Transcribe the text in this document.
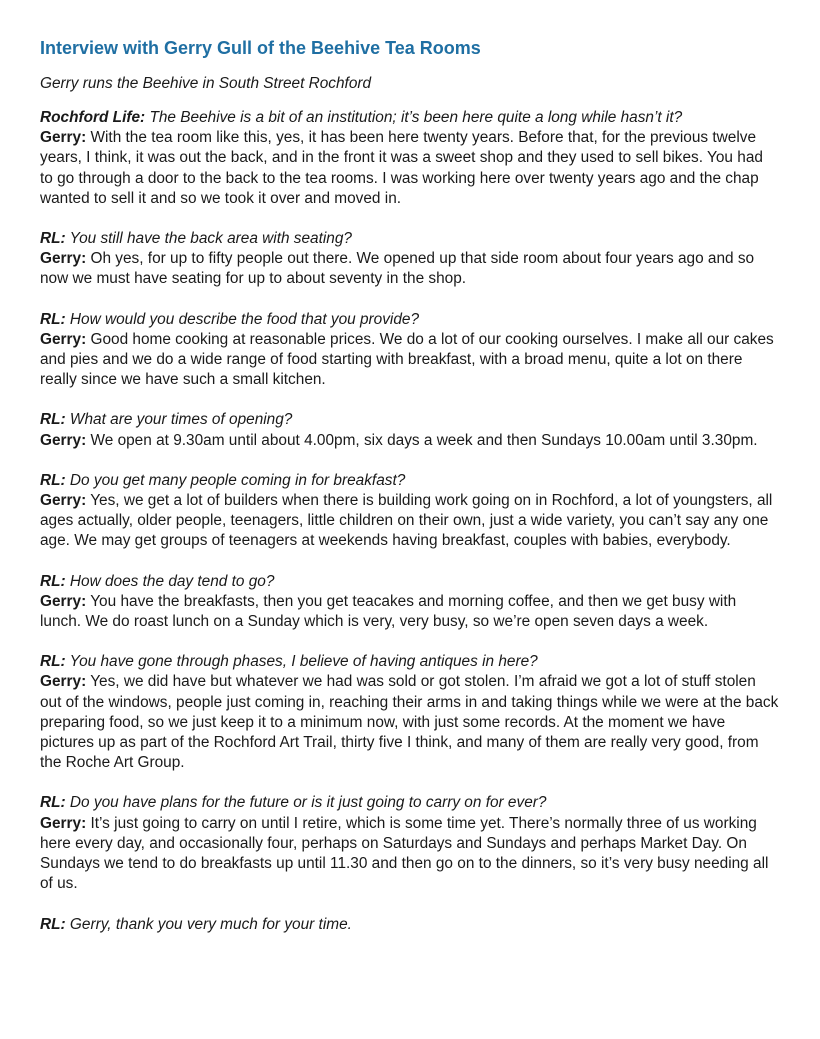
Interview with Gerry Gull of the Beehive Tea Rooms

Gerry runs the Beehive in South Street Rochford

Rochford Life: The Beehive is a bit of an institution; it’s been here quite a long while hasn’t it?

Gerry: With the tea room like this, yes, it has been here twenty years. Before that, for the previous twelve years, I think, it was out the back, and in the front it was a sweet shop and they used to sell bikes. You had to go through a door to the back to the tea rooms. I was working here over twenty years ago and the chap wanted to sell it and so we took it over and moved in.

RL: You still have the back area with seating?

Gerry: Oh yes, for up to fifty people out there. We opened up that side room about four years ago and so now we must have seating for up to about seventy in the shop.

RL: How would you describe the food that you provide?

Gerry: Good home cooking at reasonable prices. We do a lot of our cooking ourselves. I make all our cakes and pies and we do a wide range of food starting with breakfast, with a broad menu, quite a lot on there really since we have such a small kitchen.

RL: What are your times of opening?

Gerry: We open at 9.30am until about 4.00pm, six days a week and then Sundays 10.00am until 3.30pm.

RL: Do you get many people coming in for breakfast?

Gerry: Yes, we get a lot of builders when there is building work going on in Rochford, a lot of youngsters, all ages actually, older people, teenagers, little children on their own, just a wide variety, you can’t say any one age. We may get groups of teenagers at weekends having breakfast, couples with babies, everybody.

RL: How does the day tend to go?

Gerry: You have the breakfasts, then you get teacakes and morning coffee, and then we get busy with lunch. We do roast lunch on a Sunday which is very, very busy, so we’re open seven days a week.

RL: You have gone through phases, I believe of having antiques in here?

Gerry: Yes, we did have but whatever we had was sold or got stolen. I’m afraid we got a lot of stuff stolen out of the windows, people just coming in, reaching their arms in and taking things while we were at the back preparing food, so we just keep it to a minimum now, with just some records. At the moment we have pictures up as part of the Rochford Art Trail, thirty five I think, and many of them are really very good, from the Roche Art Group.

RL: Do you have plans for the future or is it just going to carry on for ever?

Gerry: It’s just going to carry on until I retire, which is some time yet. There’s normally three of us working here every day, and occasionally four, perhaps on Saturdays and Sundays and perhaps Market Day. On Sundays we tend to do breakfasts up until 11.30 and then go on to the dinners, so it’s very busy needing all of us.

RL: Gerry, thank you very much for your time.
